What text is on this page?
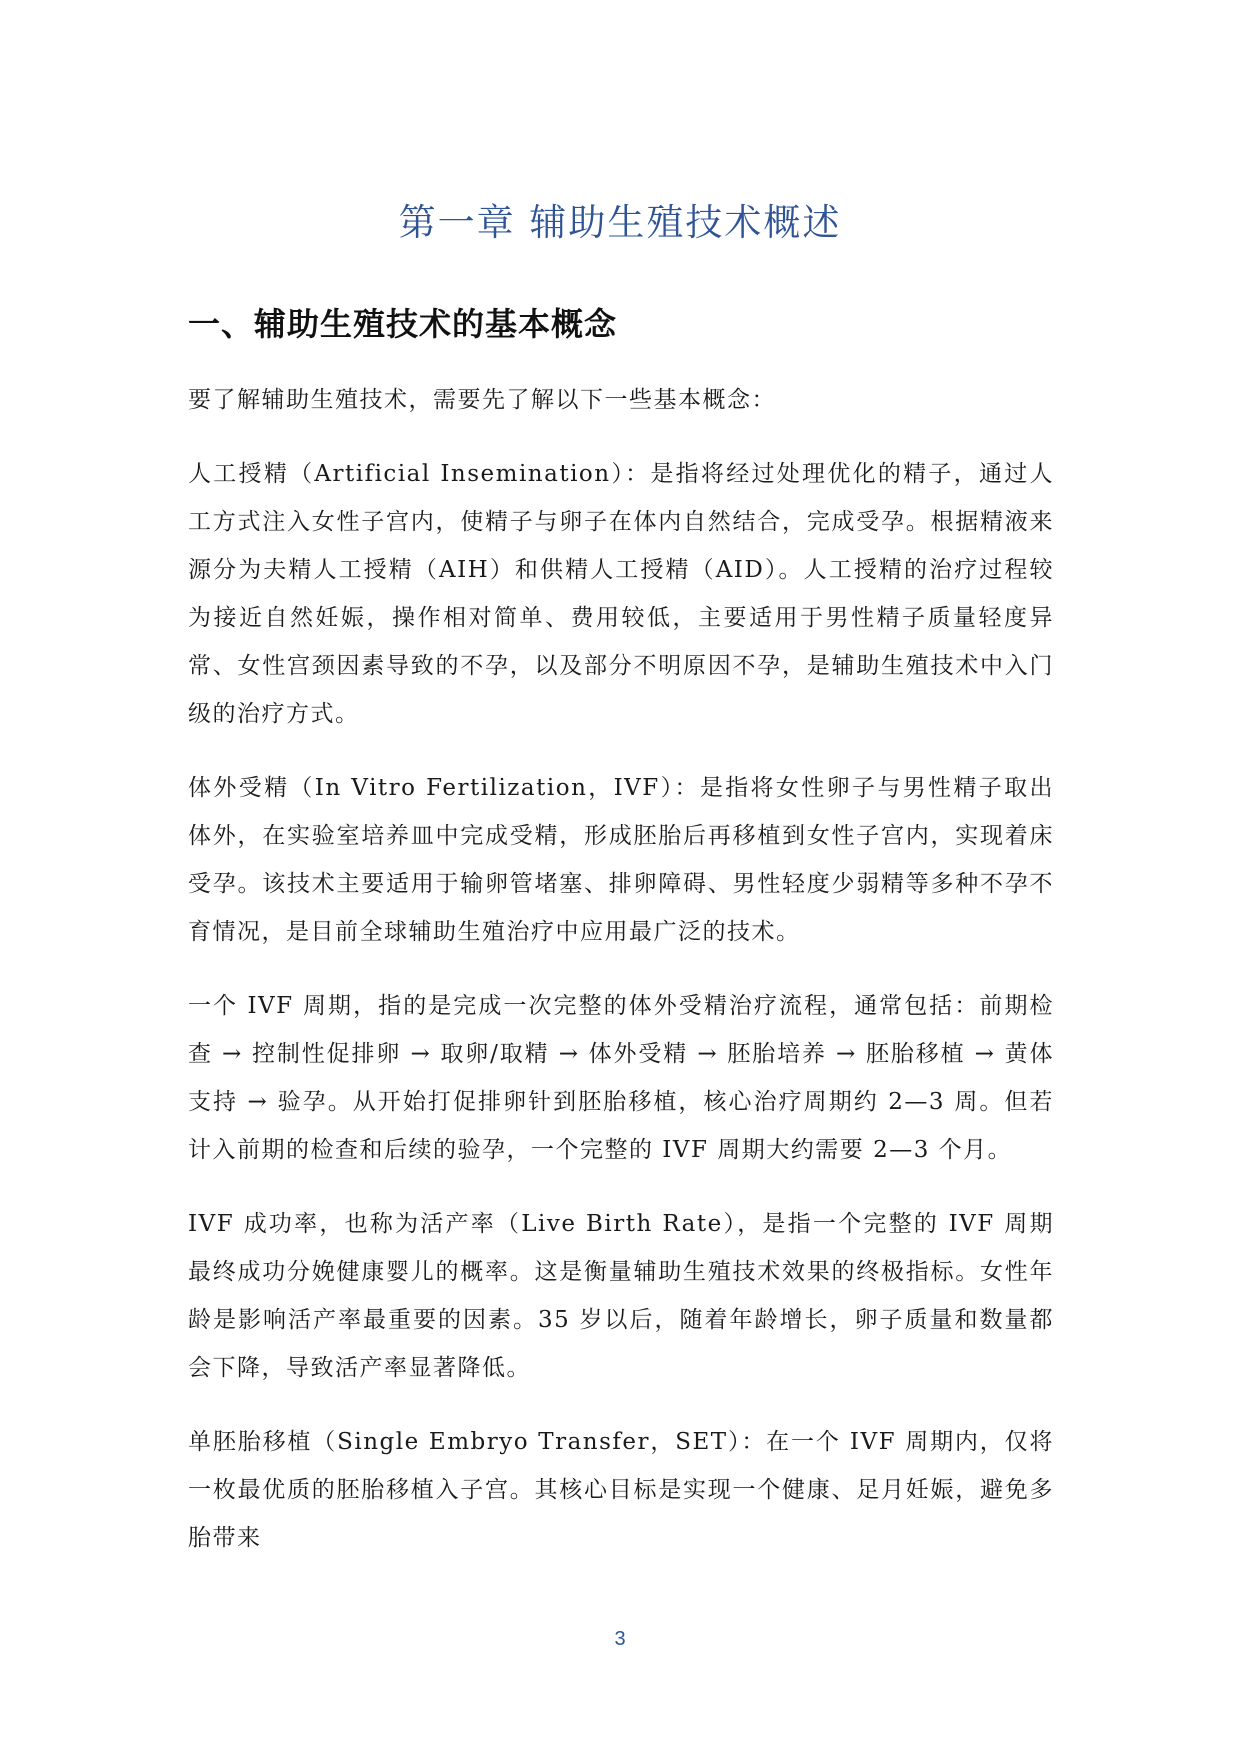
第一章 辅助生殖技术概述
一、辅助生殖技术的基本概念

要了解辅助生殖技术，需要先了解以下一些基本概念：

人工授精（Artificial Insemination）：是指将经过处理优化的精子，通过人工方式注入女性子宫内，使精子与卵子在体内自然结合，完成受孕。根据精液来源分为夫精人工授精（AIH）和供精人工授精（AID）。人工授精的治疗过程较为接近自然妊娠，操作相对简单、费用较低，主要适用于男性精子质量轻度异常、女性宫颈因素导致的不孕，以及部分不明原因不孕，是辅助生殖技术中入门级的治疗方式。

体外受精（In Vitro Fertilization，IVF）：是指将女性卵子与男性精子取出体外，在实验室培养皿中完成受精，形成胚胎后再移植到女性子宫内，实现着床受孕。该技术主要适用于输卵管堵塞、排卵障碍、男性轻度少弱精等多种不孕不育情况，是目前全球辅助生殖治疗中应用最广泛的技术。

一个 IVF 周期，指的是完成一次完整的体外受精治疗流程，通常包括：前期检查 → 控制性促排卵 → 取卵/取精 → 体外受精 → 胚胎培养 → 胚胎移植 → 黄体支持 → 验孕。从开始打促排卵针到胚胎移植，核心治疗周期约 2—3 周。但若计入前期的检查和后续的验孕，一个完整的 IVF 周期大约需要 2—3 个月。

IVF 成功率，也称为活产率（Live Birth Rate），是指一个完整的 IVF 周期最终成功分娩健康婴儿的概率。这是衡量辅助生殖技术效果的终极指标。女性年龄是影响活产率最重要的因素。35 岁以后，随着年龄增长，卵子质量和数量都会下降，导致活产率显著降低。

单胚胎移植（Single Embryo Transfer，SET）：在一个 IVF 周期内，仅将一枚最优质的胚胎移植入子宫。其核心目标是实现一个健康、足月妊娠，避免多胎带来

3
